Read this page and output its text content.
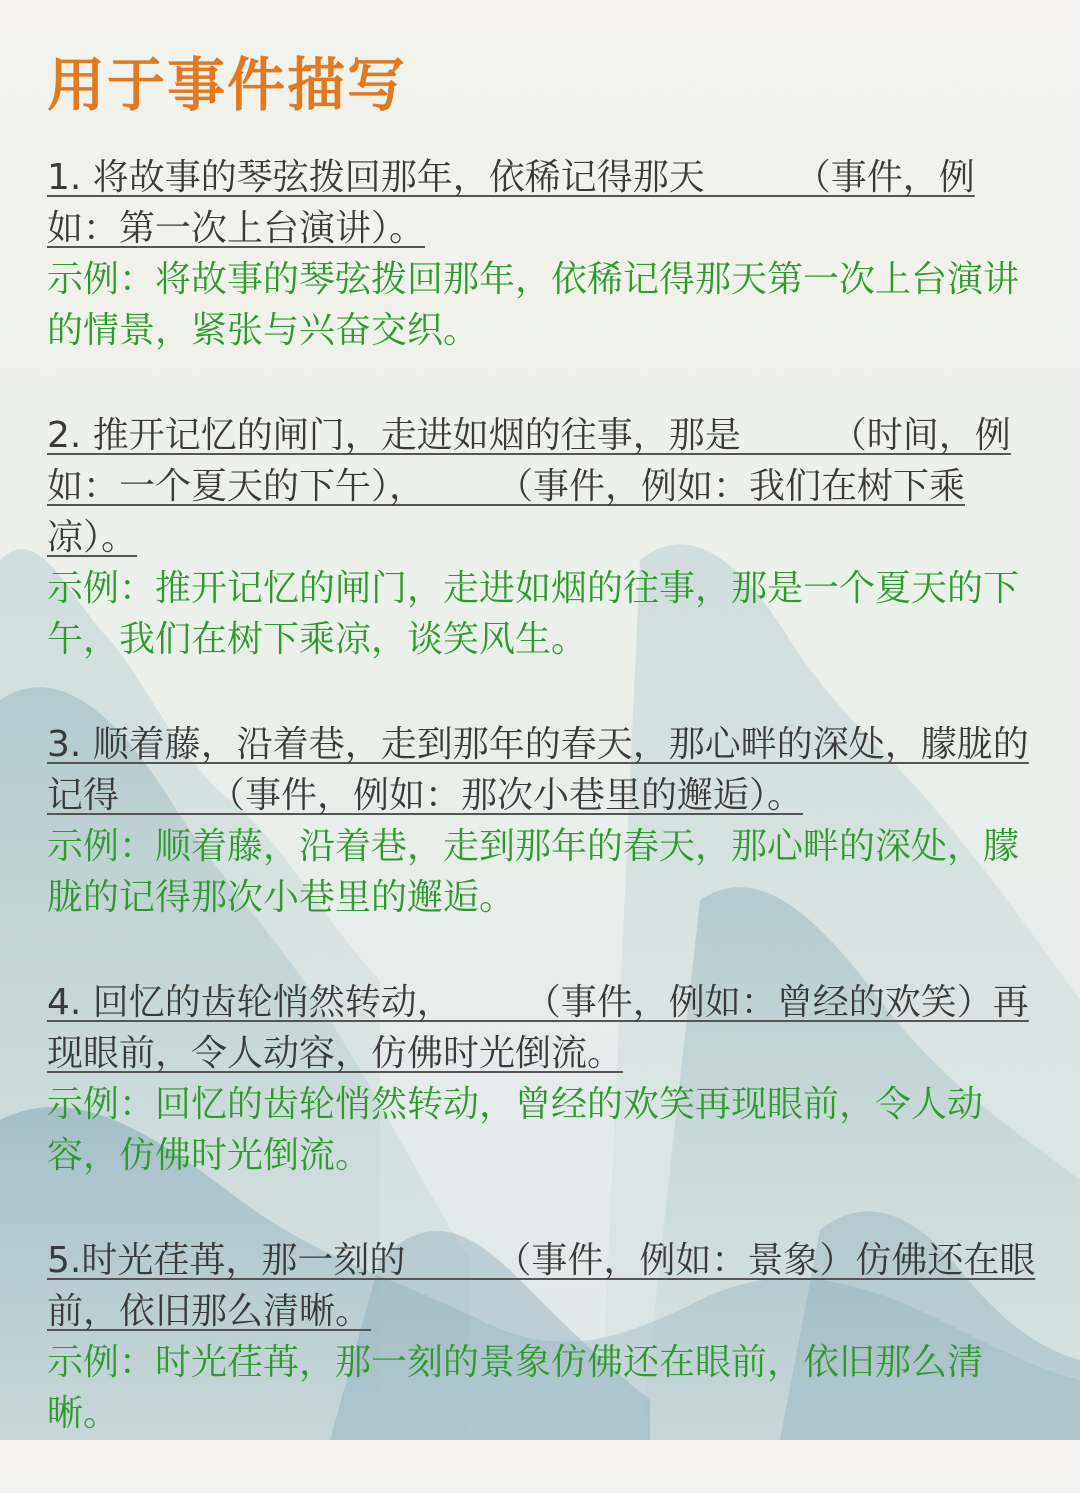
用于事件描写
1. 将故事的琴弦拨回那年，依稀记得那天　　　（事件，例如：第一次上台演讲）。
示例：将故事的琴弦拨回那年，依稀记得那天第一次上台演讲的情景，紧张与兴奋交织。
2. 推开记忆的闸门，走进如烟的往事，那是　　　（时间，例如：一个夏天的下午），　　　（事件，例如：我们在树下乘凉）。
示例：推开记忆的闸门，走进如烟的往事，那是一个夏天的下午，我们在树下乘凉，谈笑风生。
3. 顺着藤，沿着巷，走到那年的春天，那心畔的深处，朦胧的记得　　　（事件，例如：那次小巷里的邂逅）。
示例：顺着藤，沿着巷，走到那年的春天，那心畔的深处，朦胧的记得那次小巷里的邂逅。
4. 回忆的齿轮悄然转动，　　　（事件，例如：曾经的欢笑）再现眼前，令人动容，仿佛时光倒流。
示例：回忆的齿轮悄然转动，曾经的欢笑再现眼前，令人动容，仿佛时光倒流。
5.时光荏苒，那一刻的　　　（事件，例如：景象）仿佛还在眼前，依旧那么清晰。
示例：时光荏苒，那一刻的景象仿佛还在眼前，依旧那么清晰。
